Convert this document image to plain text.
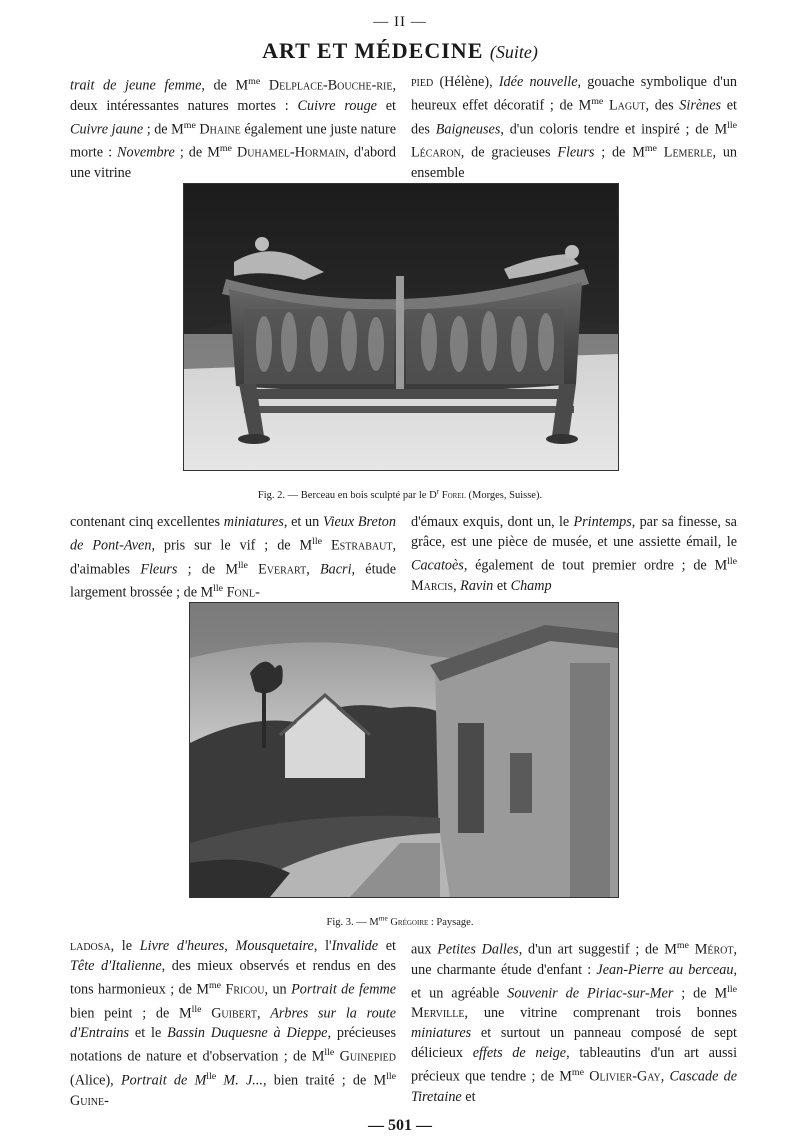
— II —
ART ET MÉDECINE (Suite)

trait de jeune femme, de $M^{me}$ Delplace-Bouche-rie, deux intéressantes natures mortes : Cuivre rouge et Cuivre jaune ; de $M^{me}$ Dhaine également une juste nature morte : Novembre ; de $M^{me}$ Duhamel-Hormain, d'abord une vitrine

pied (Hélène), Idée nouvelle, gouache symbolique d'un heureux effet décoratif ; de $M^{me}$ Lagut, des Sirènes et des Baigneuses, d'un coloris tendre et inspiré ; de $M^{lle}$ Lécaron, de gracieuses Fleurs ; de $M^{me}$ Lemerle, un ensemble

Fig. 2. — Berceau en bois sculpté par le $D^r$ Forel (Morges, Suisse).

contenant cinq excellentes miniatures, et un Vieux Breton de Pont-Aven, pris sur le vif ; de $M^{lle}$ Estrabaut, d'aimables Fleurs ; de $M^{lle}$ Everart, Bacri, étude largement brossée ; de $M^{lle}$ Fonl-

d'émaux exquis, dont un, le Printemps, par sa finesse, sa grâce, est une pièce de musée, et une assiette émail, le Cacatoès, également de tout premier ordre ; de $M^{lle}$ Marcis, Ravin et Champ

Fig. 3. — $M^{me}$ Grégoire : Paysage.

ladosa, le Livre d'heures, Mousquetaire, l'Invalide et Tête d'Italienne, des mieux observés et rendus en des tons harmonieux ; de $M^{me}$ Fricou, un Portrait de femme bien peint ; de $M^{lle}$ Guibert, Arbres sur la route d'Entrains et le Bassin Duquesne à Dieppe, précieuses notations de nature et d'observation ; de $M^{lle}$ Guinepied (Alice), Portrait de $M^{lle}$ M. J..., bien traité ; de $M^{lle}$ Guine-

aux Petites Dalles, d'un art suggestif ; de $M^{me}$ Mérot, une charmante étude d'enfant : Jean-Pierre au berceau, et un agréable Souvenir de Piriac-sur-Mer ; de $M^{lle}$ Merville, une vitrine comprenant trois bonnes miniatures et surtout un panneau composé de sept délicieux effets de neige, tableautins d'un art aussi précieux que tendre ; de $M^{me}$ Olivier-Gay, Cascade de Tiretaine et

— 501 —
